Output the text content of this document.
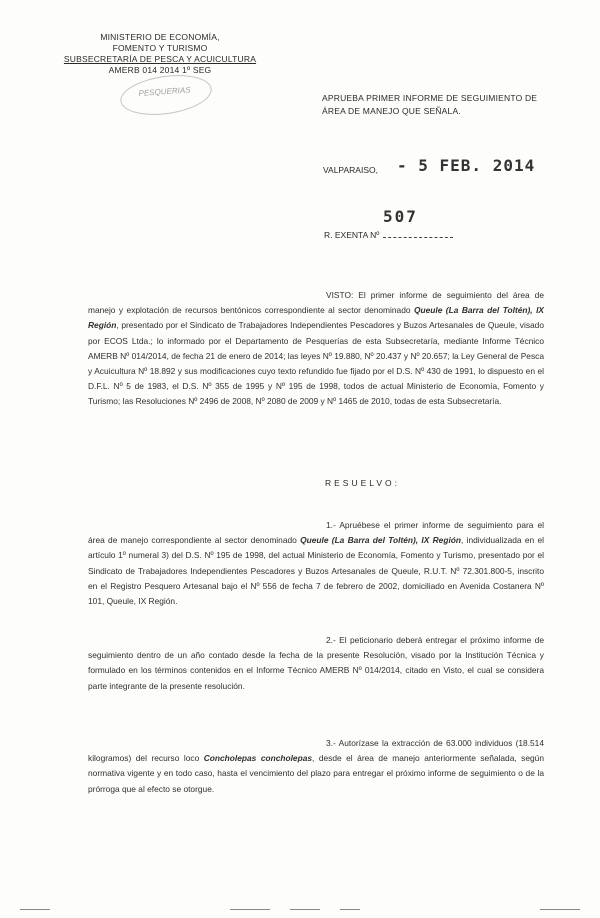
MINISTERIO DE ECONOMÍA,
FOMENTO Y TURISMO
SUBSECRETARÍA DE PESCA Y ACUICULTURA
AMERB 014 2014 1º SEG
PESQUERIAS
APRUEBA PRIMER INFORME DE SEGUIMIENTO DE ÁREA DE MANEJO QUE SEÑALA.
VALPARAISO, - 5 FEB. 2014
507
R. EXENTA Nº
VISTO: El primer informe de seguimiento del área de manejo y explotación de recursos bentónicos correspondiente al sector denominado Queule (La Barra del Toltén), IX Región, presentado por el Sindicato de Trabajadores Independientes Pescadores y Buzos Artesanales de Queule, visado por ECOS Ltda.; lo informado por el Departamento de Pesquerías de esta Subsecretaría, mediante Informe Técnico AMERB Nº 014/2014, de fecha 21 de enero de 2014; las leyes Nº 19.880, Nº 20.437 y Nº 20.657; la Ley General de Pesca y Acuicultura Nº 18.892 y sus modificaciones cuyo texto refundido fue fijado por el D.S. Nº 430 de 1991, lo dispuesto en el D.F.L. Nº 5 de 1983, el D.S. Nº 355 de 1995 y Nº 195 de 1998, todos de actual Ministerio de Economía, Fomento y Turismo; las Resoluciones Nº 2496 de 2008, Nº 2080 de 2009 y Nº 1465 de 2010, todas de esta Subsecretaría.
RESUELVO:
1.- Apruébese el primer informe de seguimiento para el área de manejo correspondiente al sector denominado Queule (La Barra del Toltén), IX Región, individualizada en el artículo 1º numeral 3) del D.S. Nº 195 de 1998, del actual Ministerio de Economía, Fomento y Turismo, presentado por el Sindicato de Trabajadores Independientes Pescadores y Buzos Artesanales de Queule, R.U.T. Nº 72.301.800-5, inscrito en el Registro Pesquero Artesanal bajo el Nº 556 de fecha 7 de febrero de 2002, domiciliado en Avenida Costanera Nº 101, Queule, IX Región.
2.- El peticionario deberá entregar el próximo informe de seguimiento dentro de un año contado desde la fecha de la presente Resolución, visado por la Institución Técnica y formulado en los términos contenidos en el Informe Técnico AMERB Nº 014/2014, citado en Visto, el cual se considera parte integrante de la presente resolución.
3.- Autorízase la extracción de 63.000 individuos (18.514 kilogramos) del recurso loco Concholepas concholepas, desde el área de manejo anteriormente señalada, según normativa vigente y en todo caso, hasta el vencimiento del plazo para entregar el próximo informe de seguimiento o de la prórroga que al efecto se otorgue.
